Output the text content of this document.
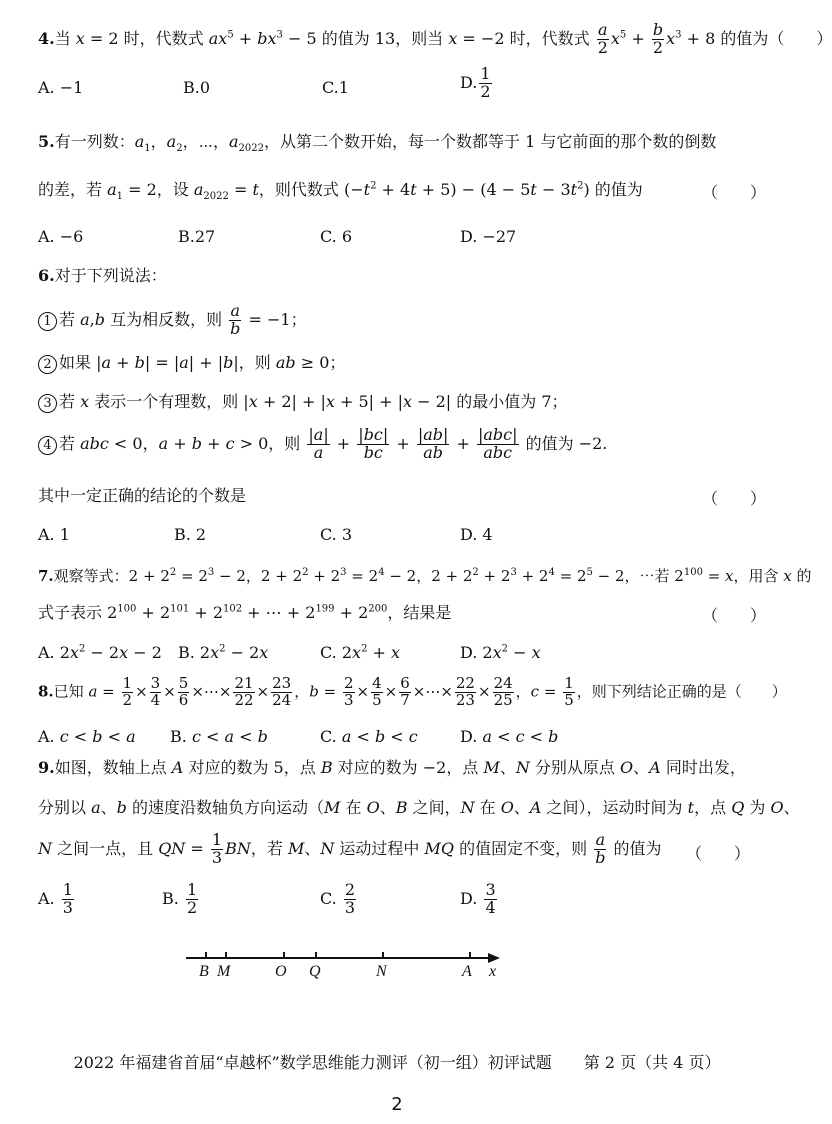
4.当 x = 2 时，代数式 $ax^5 + bx^3 - 5$ 的值为 13，则当 x = −2 时，代数式 $\frac{a}{2} x^5 + \frac{b}{2} x^3 + 8$ 的值为（　　）
A. −1	B.0	C.1	D. $\frac{1}{2}$
5.有一列数：$a_1$，$a_2$，⋯，$a_{2022}$，从第二个数开始，每一个数都等于 1 与它前面的那个数的倒数
的差，若 $a_1 = 2$，设 $a_{2022} = t$，则代数式 $(-t^2 + 4t + 5) - (4 - 5t - 3t^2)$ 的值为	（　　）
A. −6	B.27	C. 6	D. −27
6.对于下列说法：
1 若 a,b 互为相反数，则 $\frac{a}{b} = -1$；
2 如果 |a + b| = |a| + |b|，则 ab ≥ 0；
3 若 x 表示一个有理数，则 |x + 2| + |x + 5| + |x − 2| 的最小值为 7；
4 若 abc < 0，a + b + c > 0，则 $\frac{|a|}{a} + \frac{|bc|}{bc} + \frac{|ab|}{ab} + |abc|$
abc 的值为 −2.
其中一定正确的结论的个数是	（　　）
A. 1	B. 2	C. 3	D. 4
7.观察等式：$2 + 2^2 = 2^3 - 2$，$2 + 2^2 + 2^3 = 2^4 - 2$，$2 + 2^2 + 2^3 + 2^4 = 2^5 - 2$，⋯若 $2^{100} = x$，用含 x 的
式子表示 $2^{100} + 2^{101} + 2^{102}$ + ⋯ + $2^{199} + 2^{200}$，结果是	（　　）
A. $2x^2 - 2x - 2$ B. $2x^2 - 2x$	C. $2x^2 + x$	D. $2x^2 - x$
8.已知 $a = \frac{1}{2} \times \frac{3}{4} \times \frac{5}{6}$ ×⋯× $\frac{21}{22} \times \frac{23}{24}$ ，$b = \frac{2}{3} \times \frac{4}{5} \times \frac{6}{7}$ ×⋯× $\frac{22}{23} \times \frac{24}{25}$ ，$c = \frac{1}{5}$ ，则下列结论正确的是（　　）
A. c < b < a B. c < a < b	C. a < b < c	D. a < c < b
9.如图，数轴上点 A 对应的数为 5，点 B 对应的数为 −2，点 M、N 分别从原点 O、A 同时出发，
分别以 a、b 的速度沿数轴负方向运动（M 在 O、B 之间，N 在 O、A 之间），运动时间为 t，点 Q 为 O、
N 之间一点，且 QN = $\frac{1}{3}$ BN，若 M、N 运动过程中 MQ 的值固定不变，则 $\frac{a}{b}$ 的值为 （　　）
A. $\frac{1}{3}$	B. $\frac{1}{2}$	C. $\frac{2}{3}$	D. $\frac{3}{4}$
B M	O Q	N	A x
2022 年福建省首届“卓越杯”数学思维能力测评（初一组）初评试题　　 第 2 页（共 4 页）
2
